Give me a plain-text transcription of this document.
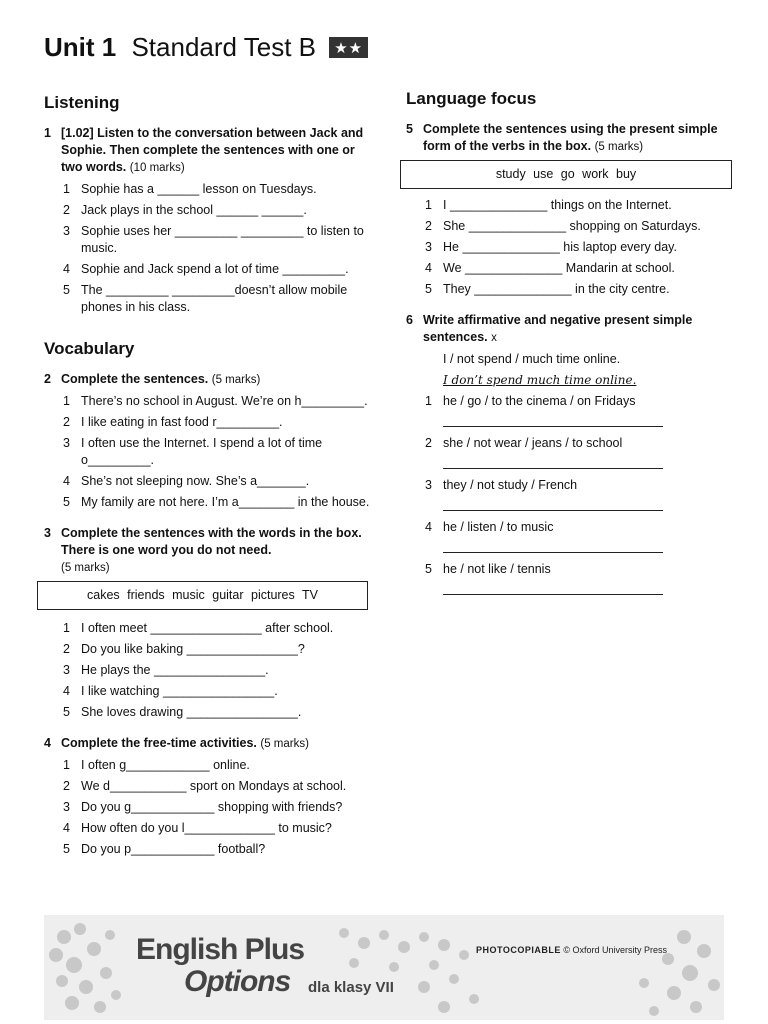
Unit 1 Standard Test B ★★
Listening
1 [1.02] Listen to the conversation between Jack and Sophie. Then complete the sentences with one or two words. (10 marks)
1 Sophie has a ______ lesson on Tuesdays.
2 Jack plays in the school ______ ______.
3 Sophie uses her _________ _________ to listen to music.
4 Sophie and Jack spend a lot of time _________.
5 The _________ _________doesn’t allow mobile phones in his class.
Vocabulary
2 Complete the sentences. (5 marks)
1 There’s no school in August. We’re on h_________.
2 I like eating in fast food r_________.
3 I often use the Internet. I spend a lot of time o_________.
4 She’s not sleeping now. She’s a_______.
5 My family are not here. I’m a________ in the house.
3 Complete the sentences with the words in the box. There is one word you do not need.
(5 marks)
cakes friends music guitar pictures TV
1 I often meet ________________ after school.
2 Do you like baking ________________?
3 He plays the ________________.
4 I like watching ________________.
5 She loves drawing ________________.
4 Complete the free-time activities. (5 marks)
1 I often g____________ online.
2 We d___________ sport on Mondays at school.
3 Do you g____________ shopping with friends?
4 How often do you l_____________ to music?
5 Do you p____________ football?
Language focus
5 Complete the sentences using the present simple form of the verbs in the box. (5 marks)
study use go work buy
1 I ______________ things on the Internet.
2 She ______________ shopping on Saturdays.
3 He ______________ his laptop every day.
4 We ______________ Mandarin at school.
5 They ______________ in the city centre.
6 Write affirmative and negative present simple sentences. x
I / not spend / much time online.
I don’t spend much time online.
1 he / go / to the cinema / on Fridays
2 she / not wear / jeans / to school
3 they / not study / French
4 he / listen / to music
5 he / not like / tennis
English Plus
Options dla klasy VII
PHOTOCOPIABLE © Oxford University Press
